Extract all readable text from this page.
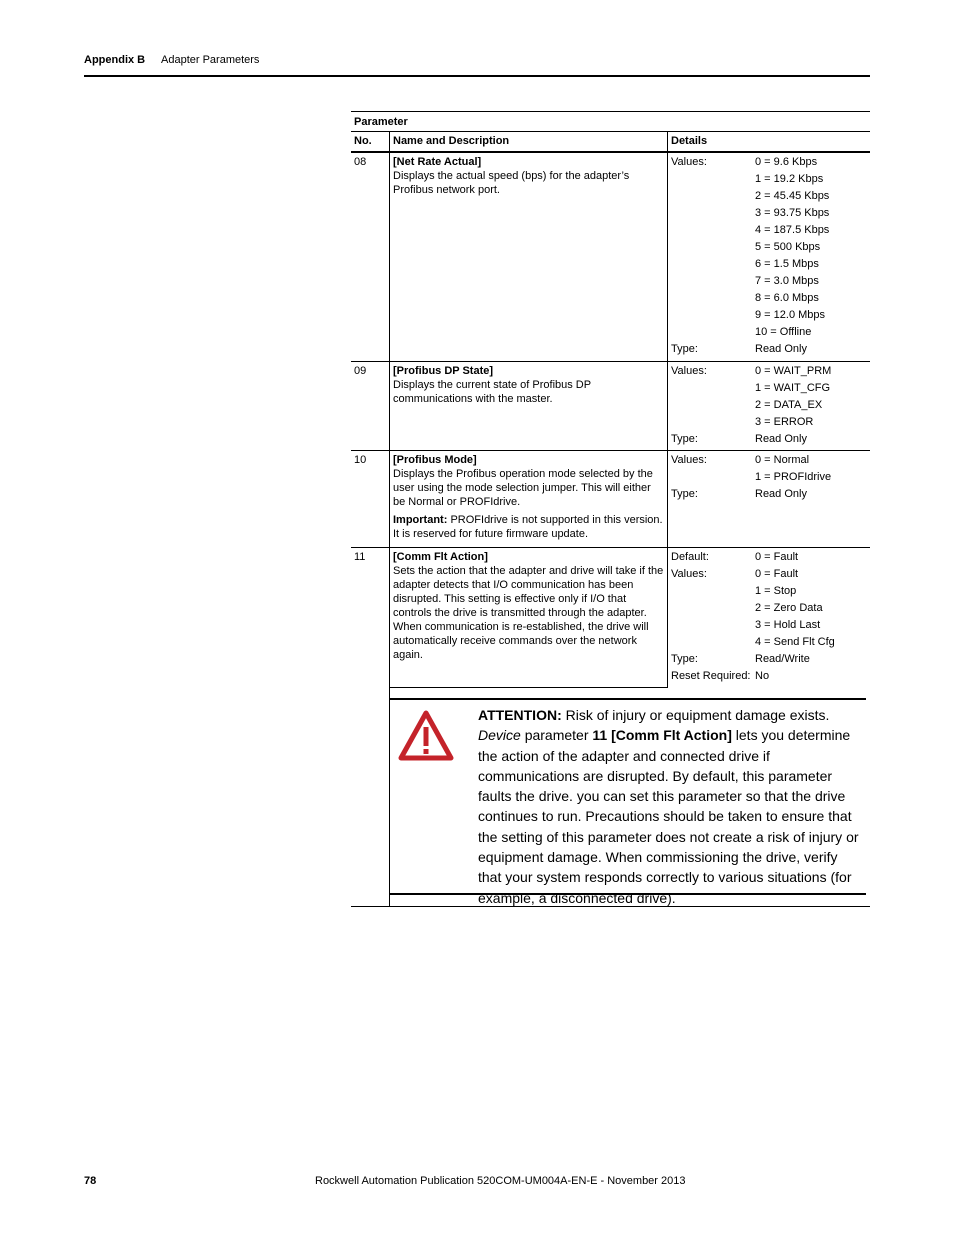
Appendix B Adapter Parameters
Parameter
No. Name and Description	Details
08 [Net Rate Actual]
Displays the actual speed (bps) for the adapter’s Profibus network port.
Values:	0 = 9.6 Kbps
1 = 19.2 Kbps
2 = 45.45 Kbps
3 = 93.75 Kbps
4 = 187.5 Kbps
5 = 500 Kbps
6 = 1.5 Mbps
7 = 3.0 Mbps
8 = 6.0 Mbps
9 = 12.0 Mbps
10 = Offline
Type:	Read Only
09 [Profibus DP State]
Displays the current state of Profibus DP communications with the master.
Values:	0 = WAIT_PRM
1 = WAIT_CFG
2 = DATA_EX
3 = ERROR
Type:	Read Only
10 [Profibus Mode]
Displays the Profibus operation mode selected by the user using the mode selection jumper. This will either be Normal or PROFIdrive.
Important: PROFIdrive is not supported in this version. It is reserved for future firmware update.
Values:	0 = Normal
1 = PROFIdrive
Type:	Read Only
11	[Comm Flt Action]
Sets the action that the adapter and drive will take if the adapter detects that I/O communication has been disrupted. This setting is effective only if I/O that controls the drive is transmitted through the adapter. When communication is re-established, the drive will automatically receive commands over the network again.
Default:	0 = Fault
Values:	0 = Fault
1 = Stop
2 = Zero Data
3 = Hold Last
4 = Send Flt Cfg
Type:	Read/Write
Reset Required: No
ATTENTION: Risk of injury or equipment damage exists. Device parameter 11 [Comm Flt Action] lets you determine the action of the adapter and connected drive if communications are disrupted. By default, this parameter faults the drive. you can set this parameter so that the drive continues to run. Precautions should be taken to ensure that the setting of this parameter does not create a risk of injury or equipment damage. When commissioning the drive, verify that your system responds correctly to various situations (for example, a disconnected drive).
78	Rockwell Automation Publication 520COM-UM004A-EN-E - November 2013
